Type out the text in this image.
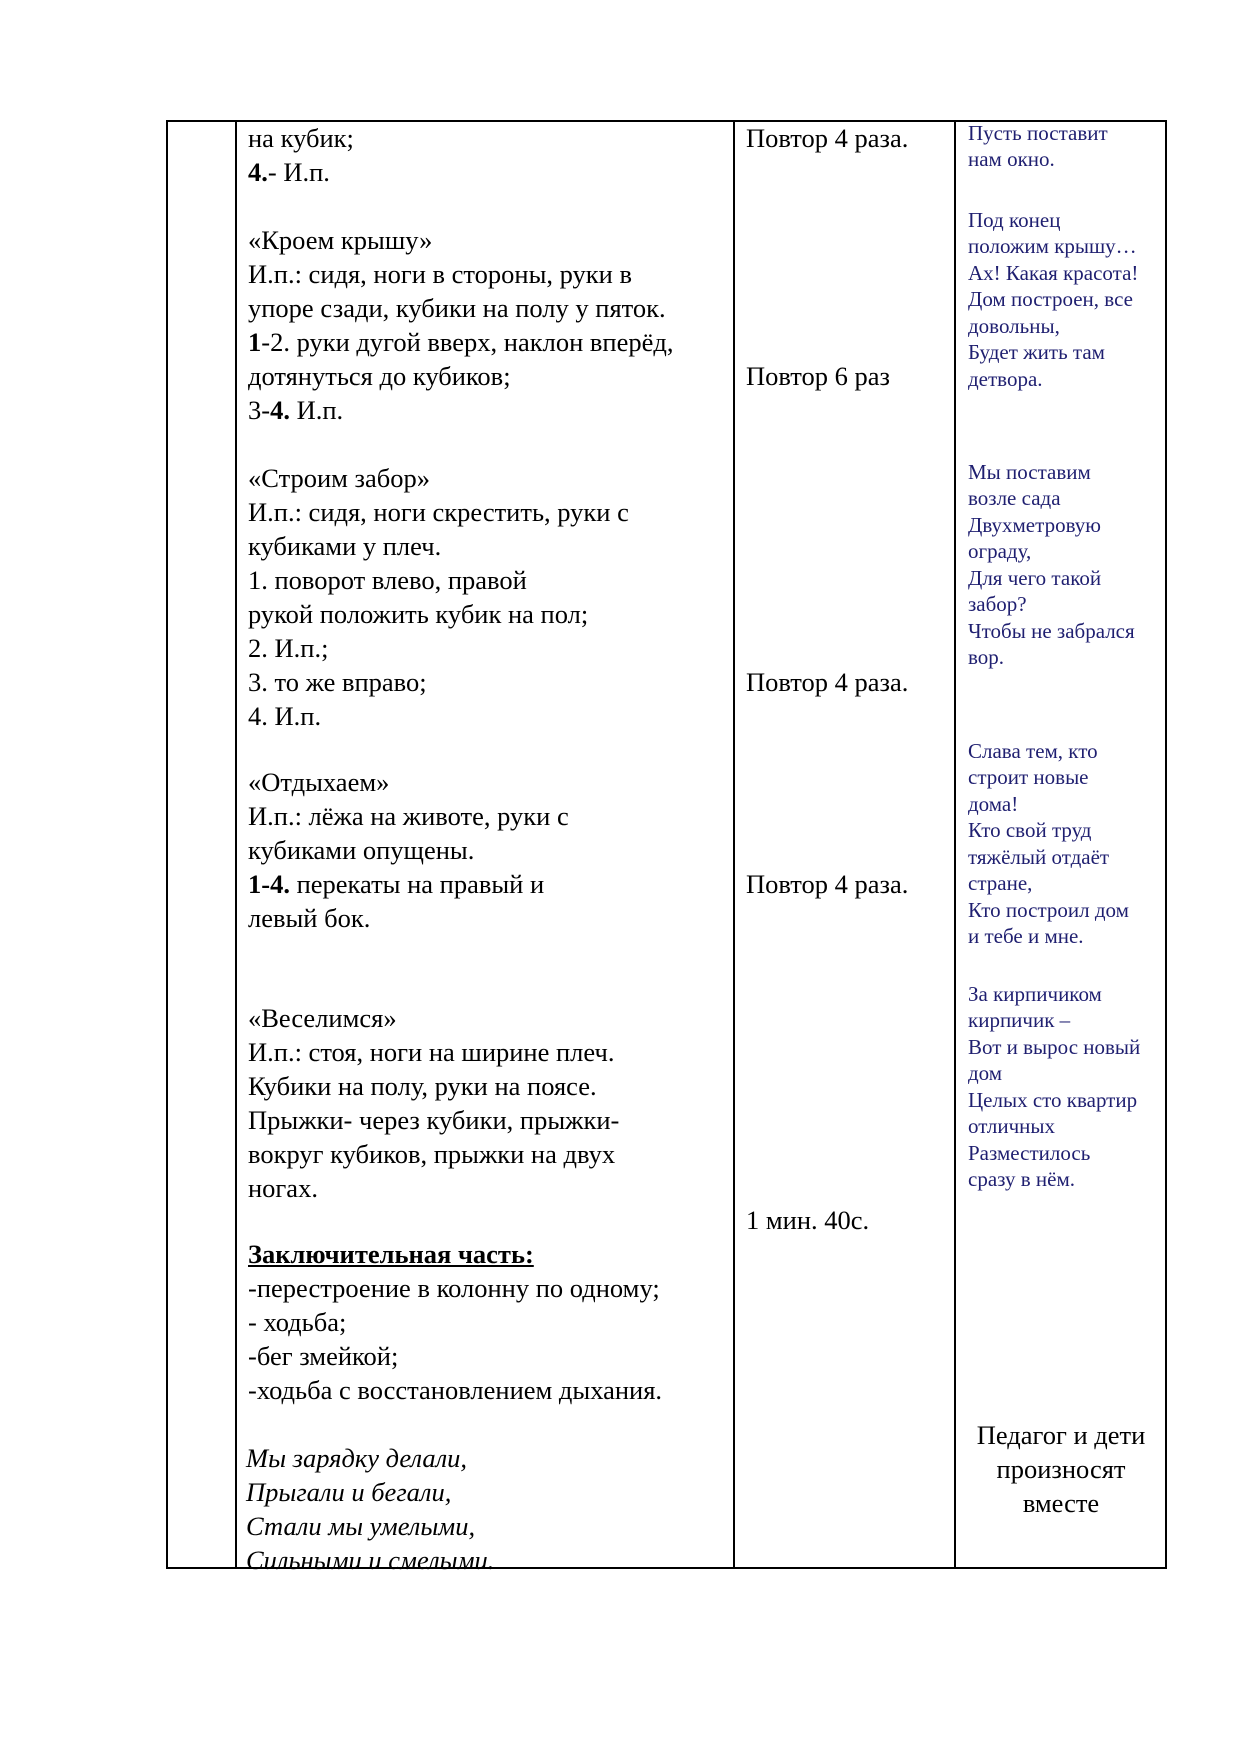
на кубик;
4.- И.п.
«Кроем крышу»
И.п.: сидя, ноги в стороны, руки в
упоре сзади, кубики на полу у пяток.
1-2. руки дугой вверх, наклон вперёд,
дотянуться до кубиков;
3-4. И.п.
«Строим забор»
И.п.: сидя, ноги скрестить, руки с
кубиками у плеч.
1. поворот влево, правой
рукой положить кубик на пол;
2. И.п.;
3. то же вправо;
4. И.п.
«Отдыхаем»
И.п.: лёжа на животе, руки с
кубиками опущены.
1-4. перекаты на правый и
левый бок.
«Веселимся»
И.п.: стоя, ноги на ширине плеч.
Кубики на полу, руки на поясе.
Прыжки- через кубики, прыжки-
вокруг кубиков, прыжки на двух
ногах.
Заключительная часть:
-перестроение в колонну по одному;
- ходьба;
-бег змейкой;
-ходьба с восстановлением дыхания.
Мы зарядку делали,
Прыгали и бегали,
Стали мы умелыми,
Сильными и смелыми.
Повтор 4 раза.
Повтор 6 раз
Повтор 4 раза.
Повтор 4 раза.
1 мин. 40с.
Пусть поставит
нам окно.
Под конец
положим крышу…
Ах! Какая красота!
Дом построен, все
довольны,
Будет жить там
детвора.
Мы поставим
возле сада
Двухметровую
ограду,
Для чего такой
забор?
Чтобы не забрался
вор.
Слава тем, кто
строит новые
дома!
Кто свой труд
тяжёлый отдаёт
стране,
Кто построил дом
и тебе и мне.
За кирпичиком
кирпичик –
Вот и вырос новый
дом
Целых сто квартир
отличных
Разместилось
сразу в нём.
Педагог и дети
произносят
вместе
